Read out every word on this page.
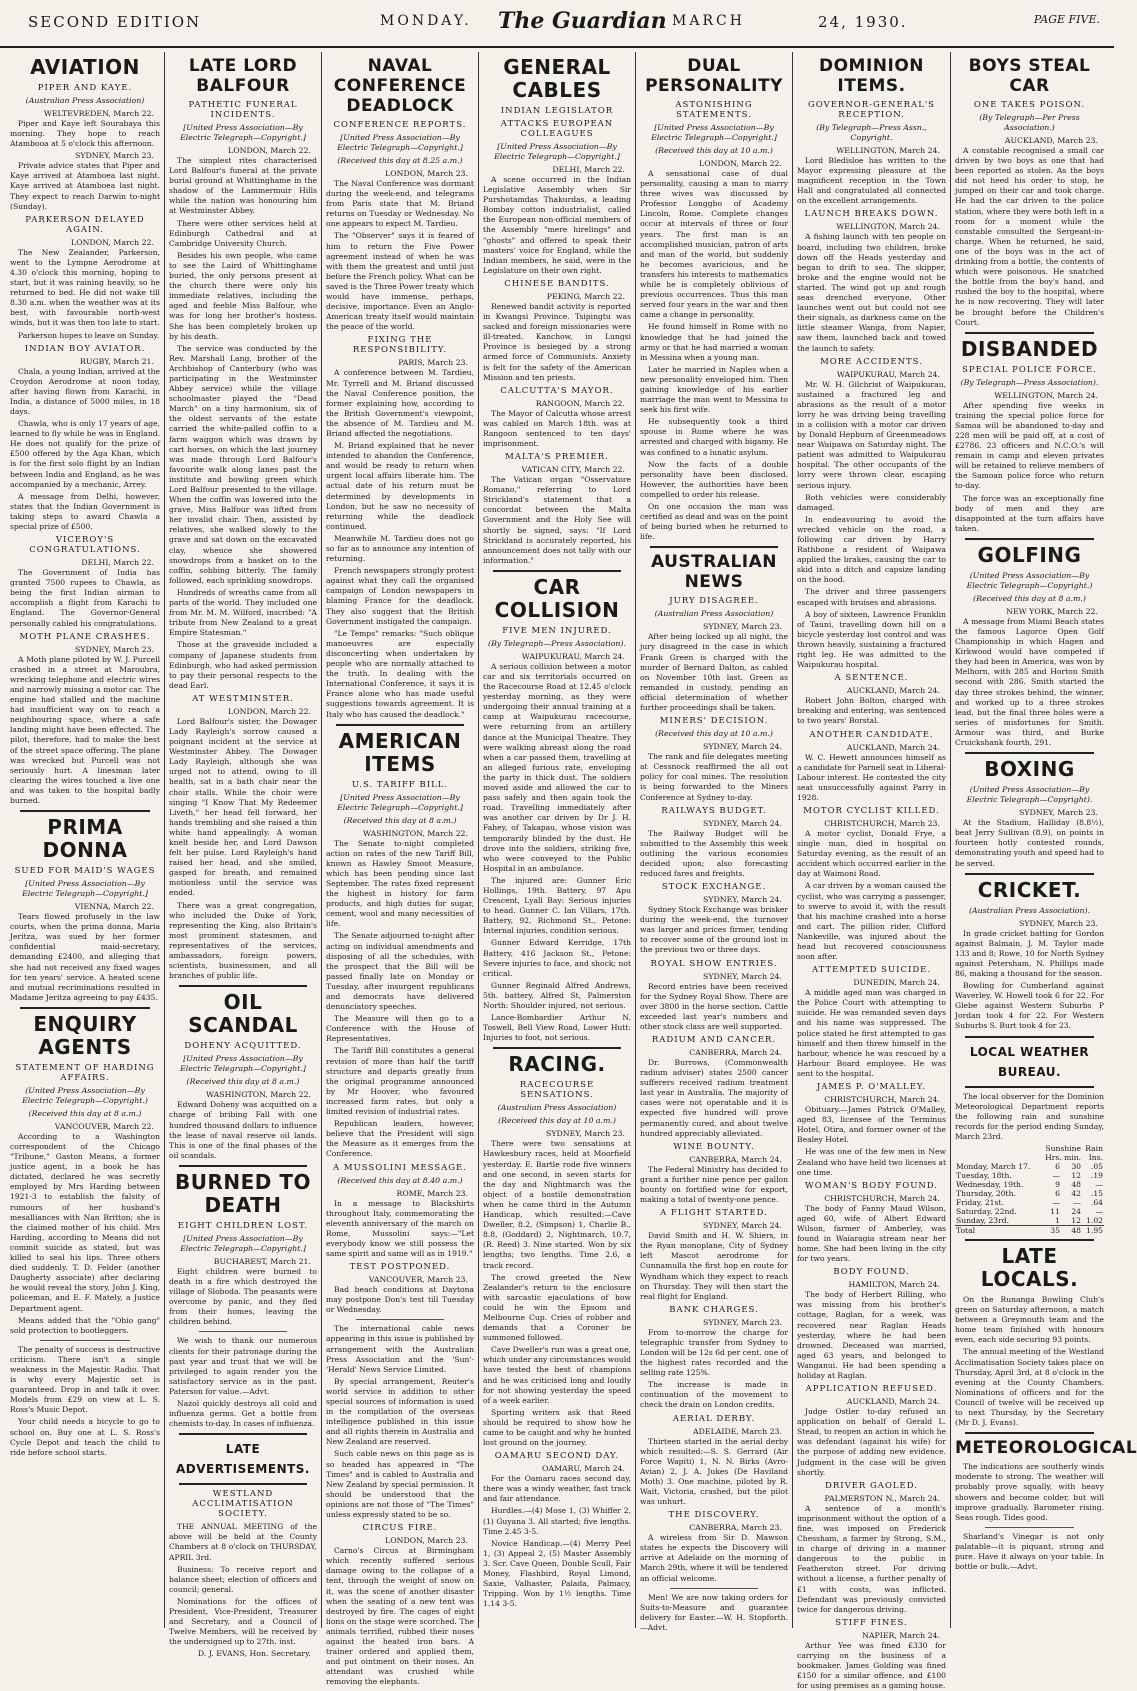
SECOND EDITION	MONDAY. The Guardian MARCH	24, 1930.	PAGE FIVE.
AVIATION
PIPER AND KAYE.
(Australian Press Association)
WELTEVREDEN, March 22.

Piper and Kaye left Sourabaya this morning. They hope to reach Atambooa at 5 o'clock this afternoon.

SYDNEY, March 23.

Private advice states that Piper and Kaye arrived at Atamboea last night. Kaye arrived at Atamboea last night. They expect to reach Darwin to-night (Sunday).

PARKERSON DELAYED AGAIN.
LONDON, March 22.

The New Zealander, Parkerson, went to the Lympne Aerodrome at 4.30 o'clock this morning, hoping to start, but it was raining heavily, so he returned to bed. He did not wake till 8.30 a.m. when the weather was at its best, with favourable north-west winds, but it was then too late to start.

Parkerson hopes to leave on Sunday.

INDIAN BOY AVIATOR.
RUGBY, March 21.

Chala, a young Indian, arrived at the Croydon Aerodrome at noon today, after having flown from Karachi, in India, a distance of 5000 miles, in 18 days.

Chawla, who is only 17 years of age, learned to fly while he was in England. He does not qualify for the prize of £500 offered by the Aga Khan, which is for the first solo flight by an Indian between India and England, as he was accompanied by a mechanic, Arrey.

A message from Delhi, however, states that the Indian Government is taking steps to award Chawla a special prize of £500.

VICEROY'S CONGRATULATIONS.
DELHI, March 22.

The Government of India has granted 7500 rupees to Chawla, as being the first Indian airman to accomplish a flight from Karachi to England. The Governor-General personally cabled his congratulations.

MOTH PLANE CRASHES.
SYDNEY, March 23.

A Moth plane piloted by W. J. Purcell crashed in a street at Maroubra, wrecking telephone and electric wires and narrowly missing a motor car. The engine had stalled and the machine had insufficient way on to reach a neighbouring space, where a safe landing might have been effected. The pilot, therefore, had to make the best of the street space offering. The plane was wrecked but Purcell was not seriously hurt. A linesman later clearing the wires touched a live one and was taken to the hospital badly burned.

PRIMA DONNA
SUED FOR MAID'S WAGES
[United Press Association—By Electric Telegraph—Copyright.]
VIENNA, March 22.

Tears flowed profusely in the law courts, when the prima donna, Maria Jeritza, was sued by her former confidential maid-secretary, demanding £2400, and alleging that she had not received any fixed wages for ten years' service. A heated scene and mutual recriminations resulted in Madame Jeritza agreeing to pay £435.

ENQUIRY AGENTS
STATEMENT OF HARDING AFFAIRS.
(United Press Association—By Electric Telegraph—Copyright.)
(Received this day at 8 a.m.)
VANCOUVER, March 22.

According to a Washington correspondent of the Chicago "Tribune," Gaston Means, a former justice agent, in a book he has dictated, declared he was secretly employed by Mrs Harding between 1921-3 to establish the falsity of rumours of her husband's mesalliances with Nan Britton; she is the claimed mother of his child. Mrs Harding, according to Means did not commit suicide as stated, but was killed to seal his lips. Three others died suddenly. T. D. Felder (another Daugherty associate) after declaring he would reveal the story, John J. King, policeman, and E. F. Mately, a Justice Department agent.

Means added that the "Ohio gang" sold protection to bootleggers.

The penalty of success is destructive criticism. There isn't a single weakness in the Majestic Radio. That is why every Majestic set is guaranteed. Drop in and talk it over. Models from £29 on view at L. S. Ross's Music Depot.

Your child needs a bicycle to go to school on. Buy one at L. S. Ross's Cycle Depot and teach the child to ride before school starts.

LATE LORD BALFOUR
PATHETIC FUNERAL INCIDENTS.
[United Press Association—By Electric Telegraph—Copyright.]
LONDON, March 22.

The simplest rites characterised Lord Balfour's funeral at the private burial ground at Whittinghame in the shadow of the Lammermuir Hills while the nation was honouring him at Westminster Abbey.

There were other services held at Edinburgh Cathedral and at Cambridge University Church.

Besides his own people, who came to see the Laird of Whittinghame buried, the only persons present at the church there were only his immediate relatives, including the aged and feeble Miss Balfour, who was for long her brother's hostess. She has been completely broken up by his death.

The service was conducted by the Rev. Marshall Lang, brother of the Archbishop of Canterbury (who was participating in the Westminster Abbey service) while the village schoolmaster played the "Dead March" on a tiny harmonium, six of the oldest servants of the estate carried the white-palled coffin to a farm waggon which was drawn by cart horses, on which the last journey was made through Lord Balfour's favourite walk along lanes past the institute and bowling green which Lord Balfour presented to the village. When the coffin was lowered into the grave, Miss Balfour was lifted from her invalid chair. Then, assisted by relatives, she walked slowly to the grave and sat down on the excavated clay, whence she showered snowdrops from a basket on to the coffin, sobbing bitterly. The family followed, each sprinkling snowdrops.

Hundreds of wreaths came from all parts of the world. They included one from Mr. M. M. Wilford, inscribed: "A tribute from New Zealand to a great Empire Statesman."

Those at the graveside included a company of Japanese students from Edinburgh, who had asked permission to pay their personal respects to the dead Earl.

AT WESTMINSTER.
LONDON, March 22.

Lord Balfour's sister, the Dowager Lady Rayleigh's sorrow caused a poignant incident at the service at Westminster Abbey. The Dowager Lady Rayleigh, although she was urged not to attend, owing to ill health, sat in a bath chair near the choir stalls. While the choir were singing "I Know That My Redeemer Liveth," her head fell forward, her hands trembling and she raised a thin white hand appealingly. A woman knelt beside her, and Lord Dawson felt her pulse. Lord Rayleigh's hand raised her head, and she smiled, gasped for breath, and remained motionless until the service was ended.

There was a great congregation, who included the Duke of York, representing the King, also Britain's most prominent statesmen, and representatives of the services, ambassadors, foreign powers, scientists, businessmen, and all branches of public life.

OIL SCANDAL
DOHENY ACQUITTED.
[United Press Association—By Electric Telegraph—Copyright.]
(Received this day at 8 a.m.)
WASHINGTON, March 22.

Edward Doheny was acquitted on a charge of bribing Fall with one hundred thousand dollars to influence the lease of naval reserve oil lands. This is one of the final phases of the oil scandals.

BURNED TO DEATH
EIGHT CHILDREN LOST.
[United Press Association—By Electric Telegraph—Copyright.]
BUCHAREST, March 21.

Eight children were burned to death in a fire which destroyed the village of Sloboda. The peasants were overcome by panic, and they fled from their homes, leaving the children behind.

We wish to thank our numerous clients for their patronage during the past year and trust that we will be privileged to again render you the satisfactory service as in the past. Paterson for value.—Advt.

Nazol quickly destroys all cold and influenza germs. Get a bottle from chemists to-day. In cases of influenza.

LATE ADVERTISEMENTS.
WESTLAND ACCLIMATISATION SOCIETY.

THE ANNUAL MEETING of the above will be held at the County Chambers at 8 o'clock on THURSDAY, APRIL 3rd.

Business: To receive report and balance sheet; election of officers and council; general.

Nominations for the offices of President, Vice-President, Treasurer and Secretary, and a Council of Twelve Members, will be received by the undersigned up to 27th. inst.

D. J. EVANS, Hon. Secretary.
NAVAL CONFERENCE DEADLOCK
CONFERENCE REPORTS.
[United Press Association—By Electric Telegraph—Copyright.]
(Received this day at 8.25 a.m.)
LONDON, March 23.

The Naval Conference was dormant during the week-end, and telegrams from Paris state that M. Briand returns on Tuesday or Wednesday. No one appears to expect M. Tardieu.

The "Observer" says it is feared of him to return the Five Power agreement instead of when he was with them the greatest and until just before the French policy. What can be saved is the Three Power treaty which would have immense, perhaps, decisive, importance. Even an Anglo-American treaty itself would maintain the peace of the world.

FIXING THE RESPONSIBILITY.
PARIS, March 23.

A conference between M. Tardieu, Mr. Tyrrell and M. Briand discussed the Naval Conference position, the former explaining how, according to the British Government's viewpoint, the absence of M. Tardieu and M. Briand affected the negotiations.

M. Briand explained that he never intended to abandon the Conference, and would be ready to return when urgent local affairs liberate him. The actual date of his return must be determined by developments in London, but he saw no necessity of returning while the deadlock continued.

Meanwhile M. Tardieu does not go so far as to announce any intention of returning.

French newspapers strongly protest against what they call the organised campaign of London newspapers in blaming France for the deadlock. They also suggest that the British Government instigated the campaign.

"Le Temps" remarks: "Such oblique manoeuvres are especially disconcerting when undertaken by people who are normally attached to the truth. In dealing with the International Conference, it says it is France alone who has made useful suggestions towards agreement. It is Italy who has caused the deadlock."

AMERICAN ITEMS
U.S. TARIFF BILL.
[United Press Association—By Electric Telegraph—Copyright.]
(Received this day at 8 a.m.)
WASHINGTON, March 22.

The Senate to-night completed action on rates of the new Tariff Bill, known as Hawley Smoot Measure, which has been pending since last September. The rates fixed represent the highest in history for farm products, and high duties for sugar, cement, wool and many necessities of life.

The Senate adjourned to-night after acting on individual amendments and disposing of all the schedules, with the prospect that the Bill will be passed finally late on Monday or Tuesday, after insurgent republicans and democrats have delivered denunciatory speeches.

The Measure will then go to a Conference with the House of Representatives.

The Tariff Bill constitutes a general revision of more than half the tariff structure and departs greatly from the original programme announced by Mr Hoover, who favoured increased farm rates, but only a limited revision of industrial rates.

Republican leaders, however, believe that the President will sign the Measure as it emerges from the Conference.

A MUSSOLINI MESSAGE.
(Received this day at 8.40 a.m.)
ROME, March 23.

In a message to Blackshirts throughout Italy, commemorating the eleventh anniversary of the march on Rome, Mussolini says:—"Let everybody know we still possess the same spirit and same will as in 1919."

TEST POSTPONED.
VANCOUVER, March 23.

Bad beach conditions at Daytona may postpone Don's test till Tuesday or Wednesday.

The international cable news appearing in this issue is published by arrangement with the Australian Press Association and the 'Sun'-'Herald' News Service Limited.

By special arrangement, Reuter's world service in addition to other special sources of information is used in the compilation of the overseas intelligence published in this issue and all rights therein in Australia and New Zealand are reserved.

Such cable news on this page as is so headed has appeared in "The Times" and is cabled to Australia and New Zealand by special permission. It should be understood that the opinions are not those of "The Times" unless expressly stated to be so.

CIRCUS FIRE.
LONDON, March 23.

Carno's Circus at Birmingham which recently suffered serious damage owing to the collapse of a tent, through the weight of snow on it, was the scene of another disaster when the seating of a new tent was destroyed by fire. The cages of eight lions on the stage were scorched. The animals terrified, rubbed their noses against the heated iron bars. A trainer ordered and applied them, and put ointment on their noses. An attendant was crushed while removing the elephants.

GENERAL CABLES
INDIAN LEGISLATOR
ATTACKS EUROPEAN COLLEAGUES
[United Press Association—By Electric Telegraph—Copyright.]
DELHI, March 22.

A scene occurred in the Indian Legislative Assembly when Sir Purshotamdas Thakurdas, a leading Bombay cotton industrialist, called the European non-official members of the Assembly "mere hirelings" and "ghosts" and offered to speak their masters' voice for England, while the Indian members, he said, were in the Legislature on their own right.

CHINESE BANDITS.
PEKING, March 22.

Renewed bandit activity is reported in Kwangsi Province. Tsipingtu was sacked and foreign missionaries were ill-treated. Kanchow, in Lungsi Province is besieged by a strong armed force of Communists. Anxiety is felt for the safety of the American Mission and ten priests.

CALCUTTA'S MAYOR.
RANGOON, March 22.

The Mayor of Calcutta whose arrest was cabled on March 18th. was at Rangoon sentenced to ten days' imprisonment.

MALTA'S PREMIER.
VATICAN CITY, March 22.

The Vatican organ "Osservatore Romano," referring to Lord Strickland's statement that a concordat between the Malta Government and the Holy See will shortly be signed, says: "If Lord Strickland is accurately reported, his announcement does not tally with our information."

CAR COLLISION
FIVE MEN INJURED.
(By Telegraph—Press Association).
WAIPUKURAU, March 24.

A serious collision between a motor car and six territorials occurred on the Racecourse Road at 12.45 o'clock yesterday morning, as they were undergoing their annual training at a camp at Waipukurau racecourse, were returning from an artillery dance at the Municipal Theatre. They were walking abreast along the road when a car passed them, travelling at an alleged furious rate, enveloping the party in thick dust. The soldiers moved aside and allowed the car to pass safely and then again took the road. Travelling immediately after was another car driven by Dr J. H. Fahey, of Takapau, whose vision was temporarily blinded by the dust. He drove into the soldiers, striking five, who were conveyed to the Public Hospital in an ambulance.

The injured are: Gunner Eric Hollings, 19th. Battery, 97 Apu Crescent, Lyall Bay: Serious injuries to head. Gunner C. Ian Villars, 17th. Battery, 92, Richmond St., Petone: Internal injuries, condition serious.

Gunner Edward Kerridge, 17th Battery, 416 Jackson St., Petone: Severe injuries to face, and shock; not critical.

Gunner Reginald Alfred Andrews, 5th. battery, Alfred St, Palmerston North: Shoulder injured, not serious.

Lance-Bombardier Arthur N. Toswell, Bell View Road, Lower Hutt: Injuries to foot, not serious.

RACING.
RACECOURSE SENSATIONS.
(Australian Press Association)
(Received this day at 10 a.m.)
SYDNEY, March 23.

There were two sensations at Hawkesbury races, held at Moorfield yesterday. E. Bartle rode five winners and one second, in seven starts for the day and Nightmarch was the object of a hostile demonstration when he came third in the Autumn Handicap, which resulted:—Cave Dweller, 8.2, (Simpson) 1, Charlie B., 8.8, (Goddard) 2, Nightmarch, 10.7, (R. Reed) 3. Nine started. Won by six lengths; two lengths. Time 2.6, a track record.

The crowd greeted the New Zealander's return to the enclosure with sarcastic ejaculations of how could he win the Epsom and Melbourne Cup. Cries of robber and demands that a Coroner be summoned followed.

Cave Dweller's run was a great one, which under any circumstances would have tested the best of champions and he was criticised long and loudly for not showing yesterday the speed of a week earlier.

Sporting writers ask that Reed should be required to show how he came to be caught and why he hunted lost ground on the journey.

OAMARU SECOND DAY.
OAMARU, March 24.

For the Oamaru races second day, there was a windy weather, fast track and fair attendance.

Hurdles.—(4) Mose 1, (3) Whiffer 2, (1) Guyana 3. All started; five lengths. Time 2.45 3-5.

Novice Handicap.—(4) Merry Peel 1, (3) Appeal 2, (5) Master Assembly 3. Scr. Cave Queen, Double Scull, Fair Money, Flashbird, Royal Limond, Saxie, Valhaster, Palada, Palmacy, Tripping. Won by 1½ lengths. Time 1.14 3-5.

DUAL PERSONALITY
ASTONISHING STATEMENTS.
[United Press Association—By Electric Telegraph—Copyright.]
(Received this day at 10 a.m.)
LONDON, March 22.

A sensational case of dual personality, causing a man to marry three wives was discussed by Professor Longgbo of Academy Lincoln, Rome. Complete changes occur at intervals of three or four years. The first man is an accomplished musician, patron of arts and man of the world, but suddenly he becomes avaricious, and he transfers his interests to mathematics while he is completely oblivious of previous occurrences. Thus this man served four years in the war and then came a change in personality.

He found himself in Rome with no knowledge that he had joined the army or that he had married a woman in Messina when a young man.

Later he married in Naples when a new personality enveloped him. Then gaining knowledge of his earlier marriage the man went to Messina to seek his first wife.

He subsequently took a third spouse in Rome where he was arrested and charged with bigamy. He was confined to a lunatic asylum.

Now the facts of a double personality have been disclosed. However, the authorities have been compelled to order his release.

On one occasion the man was certified as dead and was on the point of being buried when he returned to life.

AUSTRALIAN NEWS
JURY DISAGREE.
(Australian Press Association)
SYDNEY, March 23.

After being locked up all night, the jury disagreed in the case in which Frank Green is charged with the murder of Bernard Dalton, as cabled on November 10th last. Green as remanded in custody, pending an official determination of whether further proceedings shall be taken.

MINERS' DECISION.
(Received this day at 10 a.m.)
SYDNEY, March 24.

The rank and file delegates meeting at Cessnock reaffirmed the all out policy for coal mines. The resolution is being forwarded to the Miners Conference at Sydney to-day.

RAILWAYS BUDGET.
SYDNEY, March 24.

The Railway Budget will be submitted to the Assembly this week outlining the various economies decided upon; also forecasting reduced fares and freights.

STOCK EXCHANGE.
SYDNEY, March 24.

Sydney Stock Exchange was brisker during the week-end, the turnover was larger and prices firmer, tending to recover some of the ground lost in the previous two or three days.

ROYAL SHOW ENTRIES.
SYDNEY, March 24.

Record entries have been received for the Sydney Royal Show. There are over 3800 in the horse section. Cattle exceeded last year's numbers and other stock class are well supported.

RADIUM AND CANCER.
CANBERRA, March 24.

Dr. Burrows, (Commonwealth radium adviser) states 2500 cancer sufferers received radium treatment last year in Australia. The majority of cases were not operatable and it is expected five hundred will prove permanently cured, and about twelve hundred appreciably alleviated.

WINE BOUNTY.
CANBERRA, March 24.

The Federal Ministry has decided to grant a further nine pence per gallon bounty on fortified wine for export, making a total of twenty-one pence.

A FLIGHT STARTED.
SYDNEY, March 24.

David Smith and H. W. Shiers, in the Ryan monoplane, City of Sydney left Mascot aerodrome for Cunnamulla the first hop en route for Wyndham which they expect to reach on Thursday. They will then start the real flight for England.

BANK CHARGES.
SYDNEY, March 23.

From to-morrow the charge for telegraphic transfer from Sydney to London will be 12s 6d per cent. one of the highest rates recorded and the selling rate 125%.

The increase is made in continuation of the movement to check the drain on London credits.

AERIAL DERBY.
ADELAIDE, March 23.

Thirteen started in the aerial derby which resulted:—S. S. Gerrard (Air Force Wapiti) 1, N. N. Birks (Avro-Avian) 2, J. A. Jukes (De Haviland Moth) 3. One machine, piloted by R. Wait, Victoria, crashed, but the pilot was unhurt.

THE DISCOVERY.
CANBERRA, March 23.

A wireless from Sir D. Mawson states he expects the Discovery will arrive at Adelaide on the morning of March 29th, where it will be tendered an official welcome.

Men! We are now taking orders for Suits-to-Measure and guarantee delivery for Easter.—W. H. Stopforth.—Advt.

DOMINION ITEMS.
GOVERNOR-GENERAL'S RECEPTION.
(By Telegraph—Press Assn., Copyright.
WELLINGTON, March 24.

Lord Bledisloe has written to the Mayor expressing pleasure at the magnificent reception in the Town Hall and congratulated all connected on the excellent arrangements.

LAUNCH BREAKS DOWN.
WELLINGTON, March 24.

A fishing launch with ten people on board, including two children, broke down off the Heads yesterday and began to drift to sea. The skipper, broke and the engine would not be started. The wind got up and rough seas drenched everyone. Other launches went out but could not see their signals, as darkness came on the little steamer Wanga, from Napier, saw them, launched back and towed the launch to safety.

MORE ACCIDENTS.
WAIPUKURAU, March 24.

Mr. W. H. Gilchrist of Waipukurau, sustained a fractured leg and abrasions as the result of a motor lorry he was driving being travelling in a collision with a motor car driven by Donald Hepburn of Greenmeadows near Waipawa on Saturday night. The patient was admitted to Waipukurau hospital. The other occupants of the lorry were thrown clear, escaping serious injury.

Both vehicles were considerably damaged.

In endeavouring to avoid the wrecked vehicle on the road, a following car driven by Harry Rathbone a resident of Waipawa applied the brakes, causing the car to skid into a ditch and capsize landing on the hood.

The driver and three passengers escaped with bruises and abrasions.

A boy of sixteen, Lawrence Franklin of Tauni, travelling down hill on a bicycle yesterday lost control and was thrown heavily, sustaining a fractured right leg. He was admitted to the Waipukurau hospital.

A SENTENCE.
AUCKLAND, March 24.

Robert John Bolton, charged with breaking and entering, was sentenced to two years' Borstal.

ANOTHER CANDIDATE.
AUCKLAND, March 24.

W. C. Hewett announces himself as a candidate for Parnell seat in Liberal-Labour interest. He contested the city seat unsuccessfully against Parry in 1928.

MOTOR CYCLIST KILLED.
CHRISTCHURCH, March 23.

A motor cyclist, Donald Frye, a single man, died in hospital on Saturday evening, as the result of an accident which occurred earlier in the day at Waimoni Road.

A car driven by a woman caused the cyclist, who was carrying a passenger, to swerve to avoid it, with the result that his machine crashed into a horse and cart. The pillion rider, Clifford Nankeville, was injured about the head but recovered consciousness soon after.

ATTEMPTED SUICIDE.
DUNEDIN, March 24.

A middle aged man was charged in the Police Court with attempting to suicide. He was remanded seven days and his name was suppressed. The police stated he first attempted to gas himself and then threw himself in the harbour, whence he was rescued by a Harbour Board employee. He was sent to the hospital.

JAMES P. O'MALLEY.
CHRISTCHURCH, March 24.

Obituary.—James Patrick O'Malley, aged 83, licensee of the Terminus Hotel, Otira, and former owner of the Bealey Hotel.

He was one of the few men in New Zealand who have held two licenses at one time.

WOMAN'S BODY FOUND.
CHRISTCHURCH, March 24.

The body of Fanny Maud Wilson, aged 60, wife of Albert Edward Wilson, farmer of Amberley, was found in Waiaragia stream near her home. She had been living in the city for two years.

BODY FOUND.
HAMILTON, March 24.

The body of Herbert Rilling, who was missing from his brother's cottage, Raglan, for a week, was recovered near Raglan Heads yesterday, where he had been drowned. Deceased was married, aged 63 years, and belonged to Wanganui. He had been spending a holiday at Raglan.

APPLICATION REFUSED.
AUCKLAND, March 24.

Judge Ostler to-day refused an application on behalf of Gerald L. Stead, to reopen an action in which he was defendant (against his wife) for the purpose of adding new evidence. Judgment in the case will be given shortly.

DRIVER GAOLED.
PALMERSTON N., March 24.

A sentence of a month's imprisonment without the option of a fine, was imposed on Frederick Chessham, a farmer by Strong, S.M., in charge of driving in a manner dangerous to the public in Featherston street. For driving without a license, a further penalty of £1 with costs, was inflicted. Defendant was previously convicted twice for dangerous driving.

STIFF FINES.
NAPIER, March 24.

Arthur Yee was fined £330 for carrying on the business of a bookmaker. James Golding was fined £150 for a similar offence, and £100 for using premises as a gaming house.

BOYS STEAL CAR
ONE TAKES POISON.
(By Telegraph—Per Press Association.)
AUCKLAND, March 23.

A constable recognised a small car driven by two boys as one that had been reported as stolen. As the boys did not heed his order to stop, he jumped on their car and took charge. He had the car driven to the police station, where they were both left in a room for a moment while the constable consulted the Sergeant-in-charge. When he returned, he said, one of the boys was in the act of drinking from a bottle, the contents of which were poisonous. He snatched the bottle from the boy's hand, and rushed the boy to the hospital, where he is now recovering. They will later be brought before the Children's Court.

DISBANDED
SPECIAL POLICE FORCE.
(By Telegraph—Press Association).
WELLINGTON, March 24.

After spending five weeks in training the special police force for Samoa will be abandoned to-day and 228 men will be paid off, at a cost of £2786. 23 officers and N.C.O.'s will remain in camp and eleven privates will be retained to relieve members of the Samoan police force who return to-day.

The force was an exceptionally fine body of men and they are disappointed at the turn affairs have taken.

GOLFING
(United Press Association—By Electric Telegraph—Copyright.)
(Received this day at 8 a.m.)
NEW YORK, March 22.

A message from Miami Beach states the famous Lagorce Open Golf Championship in which Hagen and Kirkwood would have competed if they had been in America, was won by Melhorn, with 285 and Horton Smith second with 286. Smith started the day three strokes behind, the winner, and worked up to a three strokes lead, but the final three holes were a series of misfortunes for Smith. Armour was third, and Burke Cruickshank fourth, 291.

BOXING
(United Press Association—By Electric Telegraph—Copyright).
SYDNEY, March 23.

At the Stadium, Halliday (8.8½), beat Jerry Sullivan (8.9), on points in fourteen hotly contested rounds, demonstrating youth and speed had to be served.

CRICKET.
(Australian Press Association).
SYDNEY, March 23.

In grade cricket batting for Gordon against Balmain, J. M. Taylor made 133 and 8; Rowe, 10 for North Sydney against Petersham, N. Phillips made 86, making a thousand for the season.

Bowling for Cumberland against Waverley, W. Howell took 6 for 22. For Glebe against Western Suburbs P Jordan took 4 for 22. For Western Suburbs S. Burt took 4 for 23.

LOCAL WEATHER BUREAU.

The local observer for the Dominion Meteorological Department reports the following rain and sunshine records for the period ending Sunday, March 23rd.

	Sunshine		Rain
	Hrs. min.		Ins.
Monday, March 17.	6	30	.05
Tuesday, 18th.	—	12	.19
Wednesday, 19th.	9	48	—
Thursday, 20th.	6	42	.15
Friday, 21st.	—	—	.64
Saturday, 22nd.	11	24	—
Sunday, 23rd.	1	12	1.02
Total	35	48	1.95
LATE LOCALS.

On the Runanga Bowling Club's green on Saturday afternoon, a match between a Greymouth team and the home team finished with honours even, each side securing 93 points.

The annual meeting of the Westland Acclimatisation Society takes place on Thursday, April 3rd, at 8 o'clock in the evening at the County Chambers. Nominations of officers and for the Council of twelve will be received up to next Thursday, by the Secretary (Mr D. J. Evans).

METEOROLOGICAL

The indications are southerly winds moderate to strong. The weather will probably prove squally, with heavy showers and become colder, but will improve gradually. Barometer rising. Seas rough. Tides good.

Sharland's Vinegar is not only palatable—it is piquant, strong and pure. Have it always on your table. In bottle or bulk.—Advt.
